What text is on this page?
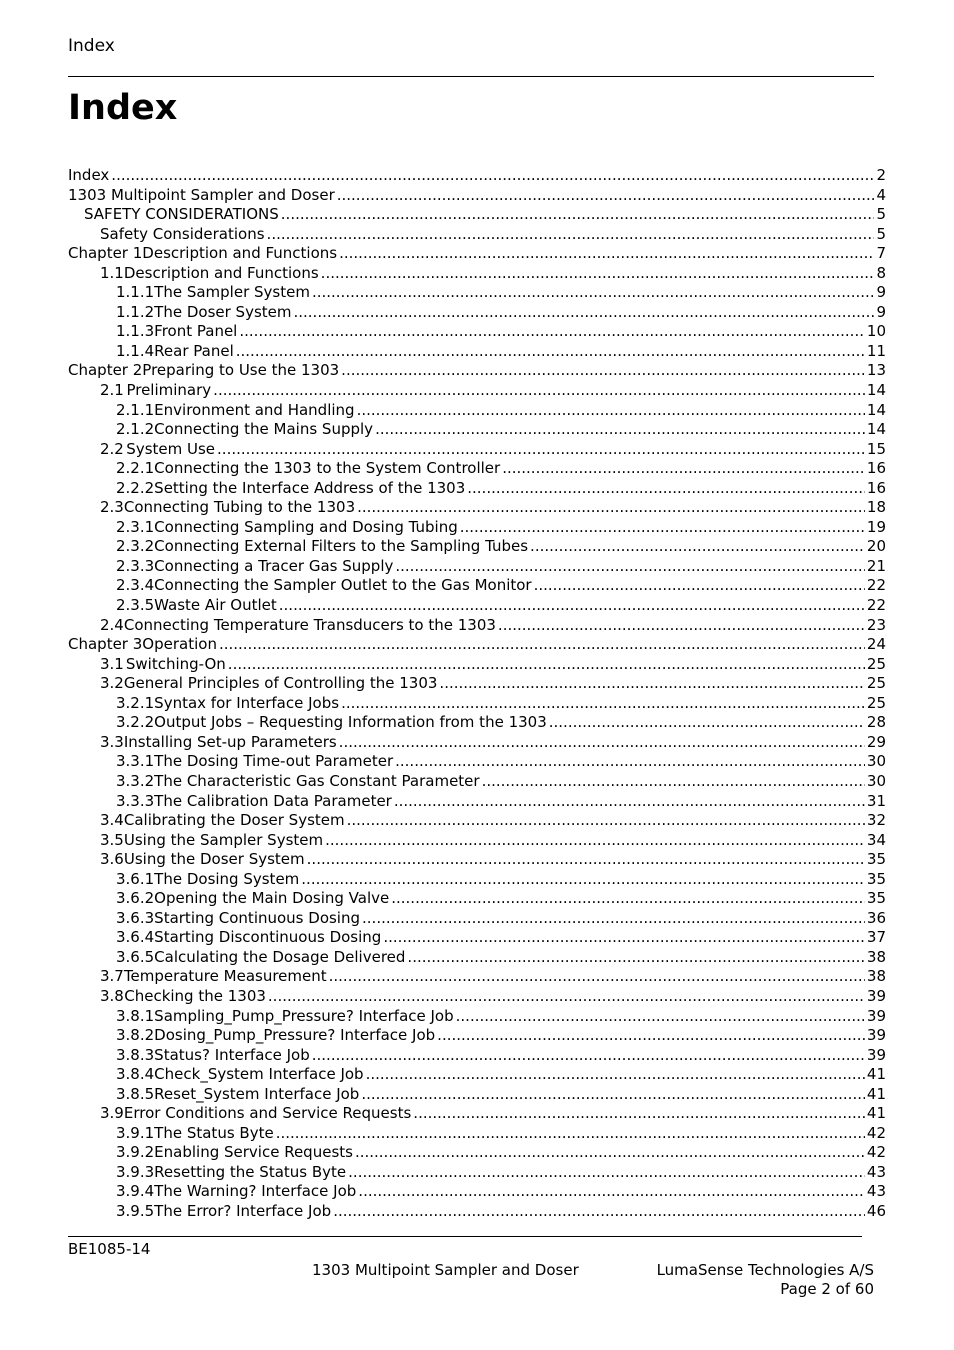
Index
Index
Index .....	2
1303 Multipoint Sampler and Doser .....	4
SAFETY CONSIDERATIONS .....	5
Safety Considerations .....	5
Chapter 1 Description and Functions .....	7
1.1 Description and Functions .....	8
1.1.1 The Sampler System .....	9
1.1.2 The Doser System .....	9
1.1.3 Front Panel .....	10
1.1.4 Rear Panel .....	11
Chapter 2 Preparing to Use the 1303 .....	13
2.1 Preliminary .....	14
2.1.1 Environment and Handling .....	14
2.1.2 Connecting the Mains Supply .....	14
2.2 System Use .....	15
2.2.1 Connecting the 1303 to the System Controller .....	16
2.2.2 Setting the Interface Address of the 1303 .....	16
2.3 Connecting Tubing to the 1303 .....	18
2.3.1 Connecting Sampling and Dosing Tubing .....	19
2.3.2 Connecting External Filters to the Sampling Tubes .....	20
2.3.3 Connecting a Tracer Gas Supply .....	21
2.3.4 Connecting the Sampler Outlet to the Gas Monitor .....	22
2.3.5 Waste Air Outlet .....	22
2.4 Connecting Temperature Transducers to the 1303 .....	23
Chapter 3 Operation .....	24
3.1 Switching-On .....	25
3.2 General Principles of Controlling the 1303 .....	25
3.2.1 Syntax for Interface Jobs .....	25
3.2.2 Output Jobs – Requesting Information from the 1303 .....	28
3.3 Installing Set-up Parameters .....	29
3.3.1 The Dosing Time-out Parameter .....	30
3.3.2 The Characteristic Gas Constant Parameter .....	30
3.3.3 The Calibration Data Parameter .....	31
3.4 Calibrating the Doser System .....	32
3.5 Using the Sampler System .....	34
3.6 Using the Doser System .....	35
3.6.1 The Dosing System .....	35
3.6.2 Opening the Main Dosing Valve .....	35
3.6.3 Starting Continuous Dosing .....	36
3.6.4 Starting Discontinuous Dosing .....	37
3.6.5 Calculating the Dosage Delivered .....	38
3.7 Temperature Measurement .....	38
3.8 Checking the 1303 .....	39
3.8.1 Sampling_Pump_Pressure? Interface Job .....	39
3.8.2 Dosing_Pump_Pressure? Interface Job .....	39
3.8.3 Status? Interface Job .....	39
3.8.4 Check_System Interface Job .....	41
3.8.5 Reset_System Interface Job .....	41
3.9 Error Conditions and Service Requests .....	41
3.9.1 The Status Byte .....	42
3.9.2 Enabling Service Requests .....	42
3.9.3 Resetting the Status Byte .....	43
3.9.4 The Warning? Interface Job .....	43
3.9.5 The Error? Interface Job .....	46
BE1085-14
1303 Multipoint Sampler and Doser	LumaSense Technologies A/S
Page 2 of 60
